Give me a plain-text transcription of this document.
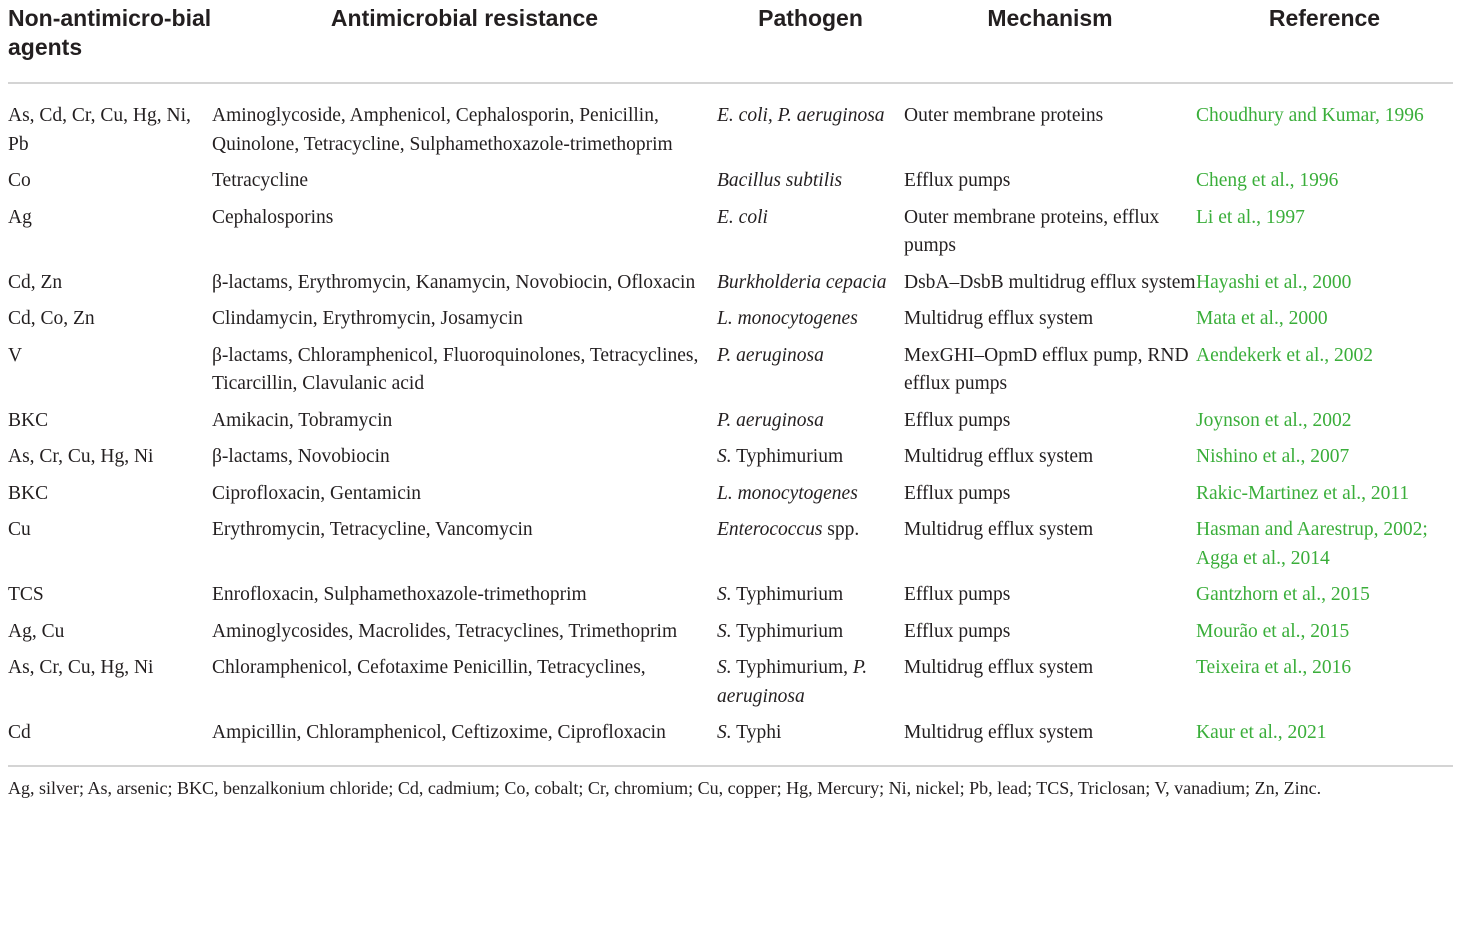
Non-antimicro-bial agents	Antimicrobial resistance	Pathogen	Mechanism	Reference
As, Cd, Cr, Cu, Hg, Ni, Pb	Aminoglycoside, Amphenicol, Cephalosporin, Penicillin, Quinolone, Tetracycline, Sulphamethoxazole-trimethoprim	E. coli, P. aeruginosa	Outer membrane proteins	Choudhury and Kumar, 1996

Co	Tetracycline	Bacillus subtilis	Efflux pumps	Cheng et al., 1996

Ag	Cephalosporins	E. coli	Outer membrane proteins, efflux pumps	Li et al., 1997

Cd, Zn	β-lactams, Erythromycin, Kanamycin, Novobiocin, Ofloxacin	Burkholderia cepacia	DsbA–DsbB multidrug efflux system	Hayashi et al., 2000

Cd, Co, Zn	Clindamycin, Erythromycin, Josamycin	L. monocytogenes	Multidrug efflux system	Mata et al., 2000

V	β-lactams, Chloramphenicol, Fluoroquinolones, Tetracyclines, Ticarcillin, Clavulanic acid	P. aeruginosa	MexGHI–OpmD efflux pump, RND efflux pumps	Aendekerk et al., 2002

BKC	Amikacin, Tobramycin	P. aeruginosa	Efflux pumps	Joynson et al., 2002

As, Cr, Cu, Hg, Ni	β-lactams, Novobiocin	S. Typhimurium	Multidrug efflux system	Nishino et al., 2007

BKC	Ciprofloxacin, Gentamicin	L. monocytogenes	Efflux pumps	Rakic-Martinez et al., 2011

Cu	Erythromycin, Tetracycline, Vancomycin	Enterococcus spp.	Multidrug efflux system	Hasman and Aarestrup, 2002;
Agga et al., 2014

TCS	Enrofloxacin, Sulphamethoxazole-trimethoprim	S. Typhimurium	Efflux pumps	Gantzhorn et al., 2015

Ag, Cu	Aminoglycosides, Macrolides, Tetracyclines, Trimethoprim	S. Typhimurium	Efflux pumps	Mourão et al., 2015

As, Cr, Cu, Hg, Ni	Chloramphenicol, Cefotaxime Penicillin, Tetracyclines,	S. Typhimurium, P. aeruginosa	Multidrug efflux system	Teixeira et al., 2016

Cd	Ampicillin, Chloramphenicol, Ceftizoxime, Ciprofloxacin	S. Typhi	Multidrug efflux system	Kaur et al., 2021

Ag, silver; As, arsenic; BKC, benzalkonium chloride; Cd, cadmium; Co, cobalt; Cr, chromium; Cu, copper; Hg, Mercury; Ni, nickel; Pb, lead; TCS, Triclosan; V, vanadium; Zn, Zinc.				
